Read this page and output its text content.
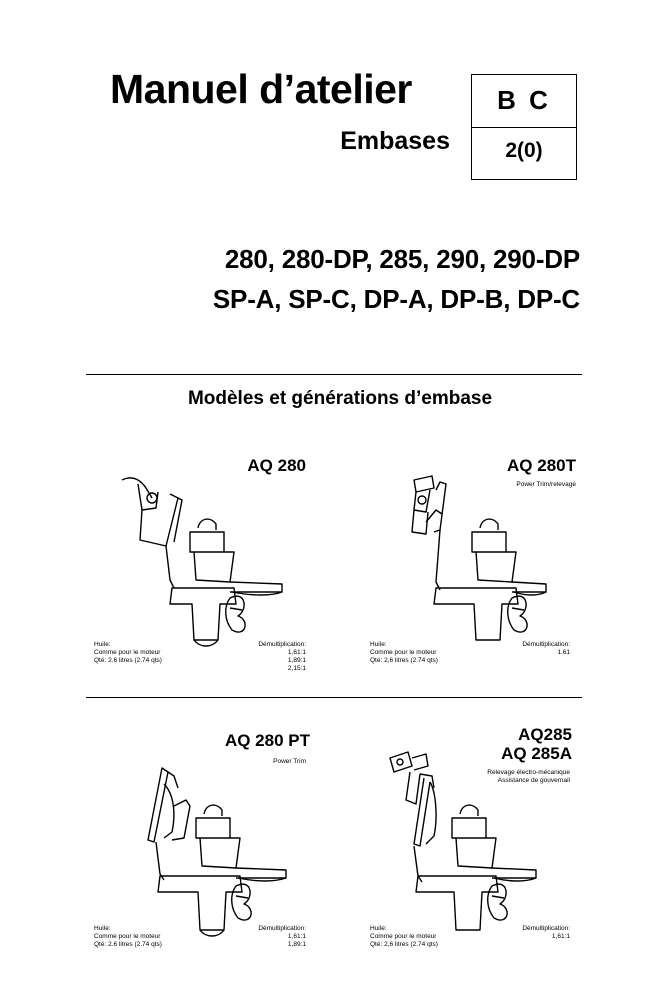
Manuel d’atelier
Embases
B C
2(0)
280, 280-DP, 285, 290, 290-DP
SP-A, SP-C, DP-A, DP-B, DP-C
Modèles et générations d’embase
AQ 280
Huile:
Comme pour le moteur
Qté: 2.6 litres (2.74 qts)
Démultiplication:
1,61:1
1,89:1
2,15:1
AQ 280T
Power Trim/relevage
Huile:
Comme pour le moteur
Qté: 2,6 litres (2.74 qts)
Démultiplication:
1.61
AQ 280 PT
Power Trim
Huile:
Comme pour le moteur
Qté: 2.6 litres (2.74 qts)
Démultiplication:
1,61:1
1,89:1
AQ285
AQ 285A
Relevage électro-mécanique
Assistance de gouvernail
Huile:
Comme pour le moteur
Qté: 2,6 litres (2.74 qts)
Démultiplication:
1,61:1
